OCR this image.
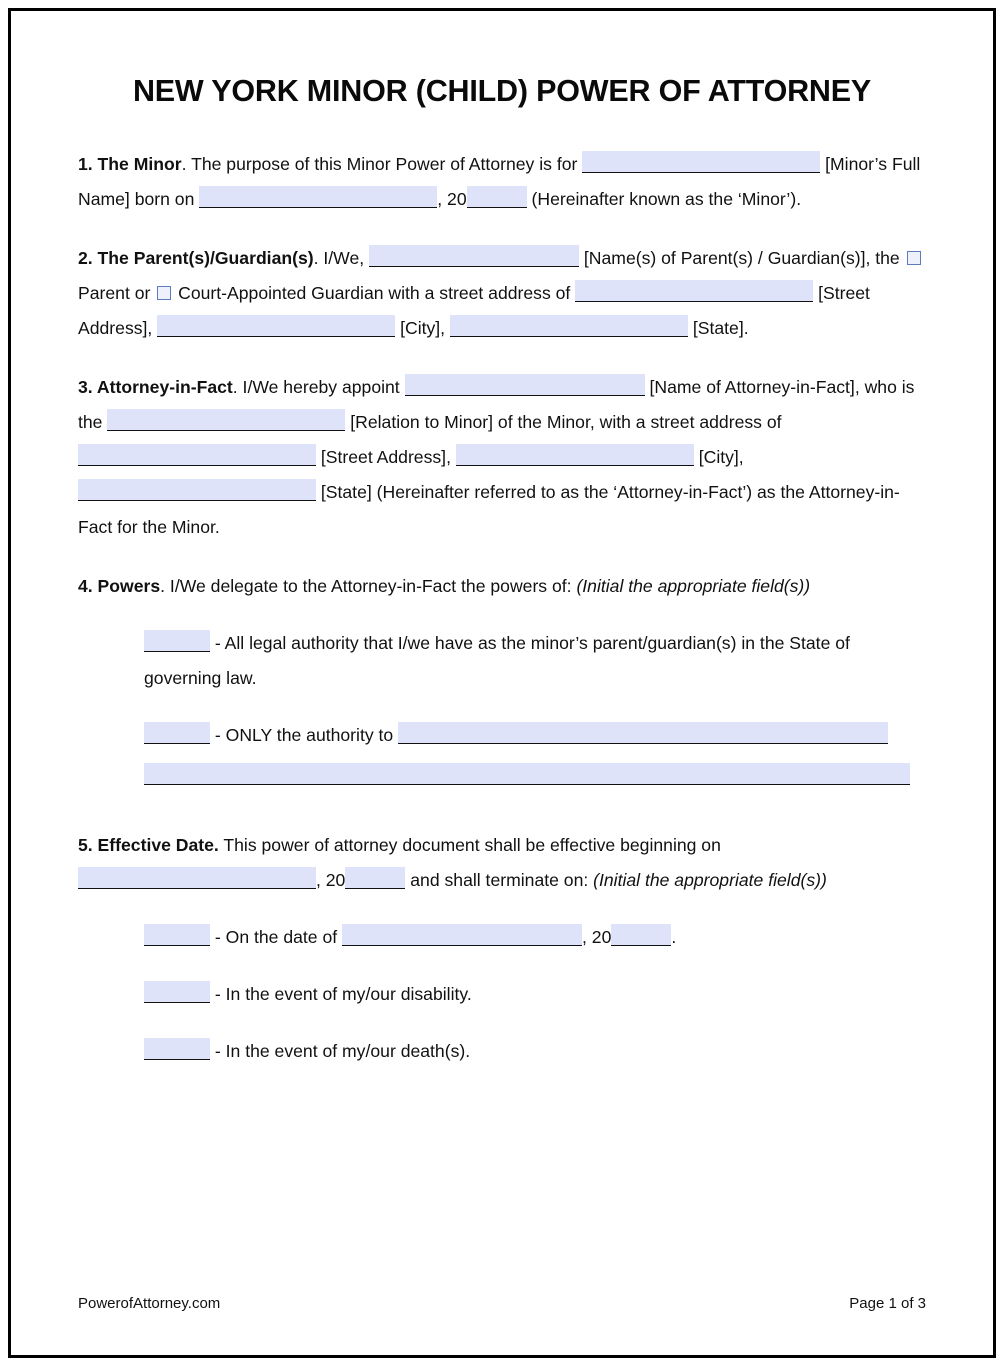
NEW YORK MINOR (CHILD) POWER OF ATTORNEY

1. The Minor. The purpose of this Minor Power of Attorney is for	[Minor’s Full Name] born on	, 20	(Hereinafter known as the ‘Minor’).

2. The Parent(s)/Guardian(s). I/We,	[Name(s) of Parent(s) / Guardian(s)], the  Parent or  Court-Appointed Guardian with a street address of	[Street Address],	[City],	[State].

3. Attorney-in-Fact. I/We hereby appoint	[Name of Attorney-in-Fact], who is the	[Relation to Minor] of the Minor, with a street address of  [Street Address],	[City],  [State] (Hereinafter referred to as the ‘Attorney-in-Fact’) as the Attorney-in-Fact for the Minor.

4. Powers. I/We delegate to the Attorney-in-Fact the powers of: (Initial the appropriate field(s))

- All legal authority that I/we have as the minor’s parent/guardian(s) in the State of governing law.

- ONLY the authority to

5. Effective Date. This power of attorney document shall be effective beginning on , 20	and shall terminate on: (Initial the appropriate field(s))

- On the date of	, 20	.

- In the event of my/our disability.

- In the event of my/our death(s).

PowerofAttorney.com	Page 1 of 3
